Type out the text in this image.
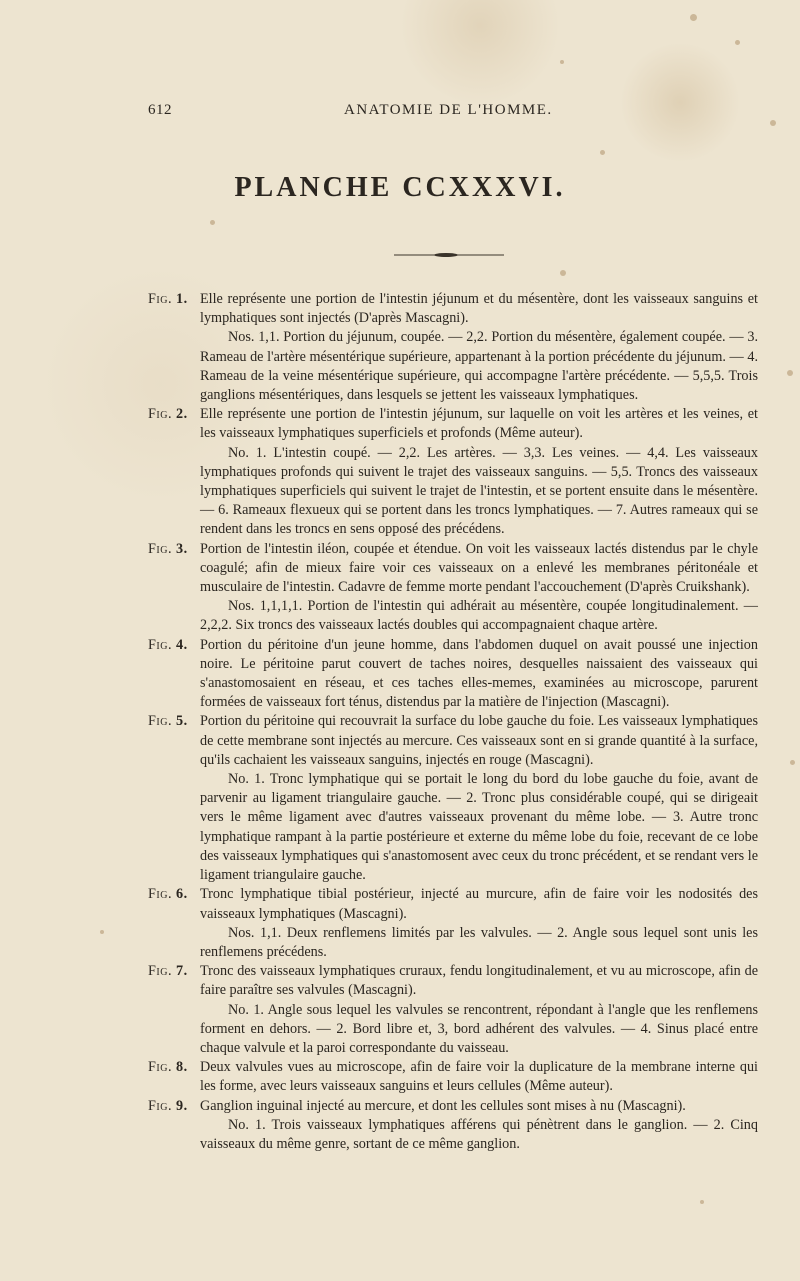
612	ANATOMIE DE L'HOMME.
PLANCHE CCXXXVI.
Fig. 1. Elle représente une portion de l'intestin jéjunum et du mésentère, dont les vaisseaux sanguins et lymphatiques sont injectés (D'après Mascagni).

Nos. 1,1. Portion du jéjunum, coupée. — 2,2. Portion du mésentère, également coupée. — 3. Rameau de l'artère mésentérique supérieure, appartenant à la portion précédente du jéjunum. — 4. Rameau de la veine mésentérique supérieure, qui accompagne l'artère précédente. — 5,5,5. Trois ganglions mésentériques, dans lesquels se jettent les vaisseaux lymphatiques.

Fig. 2. Elle représente une portion de l'intestin jéjunum, sur laquelle on voit les artères et les veines, et les vaisseaux lymphatiques superficiels et profonds (Même auteur).

No. 1. L'intestin coupé. — 2,2. Les artères. — 3,3. Les veines. — 4,4. Les vaisseaux lymphatiques profonds qui suivent le trajet des vaisseaux sanguins. — 5,5. Troncs des vaisseaux lymphatiques superficiels qui suivent le trajet de l'intestin, et se portent ensuite dans le mésentère. — 6. Rameaux flexueux qui se portent dans les troncs lymphatiques. — 7. Autres rameaux qui se rendent dans les troncs en sens opposé des précédens.

Fig. 3. Portion de l'intestin iléon, coupée et étendue. On voit les vaisseaux lactés distendus par le chyle coagulé; afin de mieux faire voir ces vaisseaux on a enlevé les membranes péritonéale et musculaire de l'intestin. Cadavre de femme morte pendant l'accouchement (D'après Cruikshank).

Nos. 1,1,1,1. Portion de l'intestin qui adhérait au mésentère, coupée longitudinalement. — 2,2,2. Six troncs des vaisseaux lactés doubles qui accompagnaient chaque artère.

Fig. 4. Portion du péritoine d'un jeune homme, dans l'abdomen duquel on avait poussé une injection noire. Le péritoine parut couvert de taches noires, desquelles naissaient des vaisseaux qui s'anastomosaient en réseau, et ces taches elles-memes, examinées au microscope, parurent formées de vaisseaux fort ténus, distendus par la matière de l'injection (Mascagni).

Fig. 5. Portion du péritoine qui recouvrait la surface du lobe gauche du foie. Les vaisseaux lymphatiques de cette membrane sont injectés au mercure. Ces vaisseaux sont en si grande quantité à la surface, qu'ils cachaient les vaisseaux sanguins, injectés en rouge (Mascagni).

No. 1. Tronc lymphatique qui se portait le long du bord du lobe gauche du foie, avant de parvenir au ligament triangulaire gauche. — 2. Tronc plus considérable coupé, qui se dirigeait vers le même ligament avec d'autres vaisseaux provenant du même lobe. — 3. Autre tronc lymphatique rampant à la partie postérieure et externe du même lobe du foie, recevant de ce lobe des vaisseaux lymphatiques qui s'anastomosent avec ceux du tronc précédent, et se rendant vers le ligament triangulaire gauche.

Fig. 6. Tronc lymphatique tibial postérieur, injecté au murcure, afin de faire voir les nodosités des vaisseaux lymphatiques (Mascagni).

Nos. 1,1. Deux renflemens limités par les valvules. — 2. Angle sous lequel sont unis les renflemens précédens.

Fig. 7. Tronc des vaisseaux lymphatiques cruraux, fendu longitudinalement, et vu au microscope, afin de faire paraître ses valvules (Mascagni).

No. 1. Angle sous lequel les valvules se rencontrent, répondant à l'angle que les renflemens forment en dehors. — 2. Bord libre et, 3, bord adhérent des valvules. — 4. Sinus placé entre chaque valvule et la paroi correspondante du vaisseau.

Fig. 8. Deux valvules vues au microscope, afin de faire voir la duplicature de la membrane interne qui les forme, avec leurs vaisseaux sanguins et leurs cellules (Même auteur).

Fig. 9. Ganglion inguinal injecté au mercure, et dont les cellules sont mises à nu (Mascagni).

No. 1. Trois vaisseaux lymphatiques afférens qui pénètrent dans le ganglion. — 2. Cinq vaisseaux du même genre, sortant de ce même ganglion.
